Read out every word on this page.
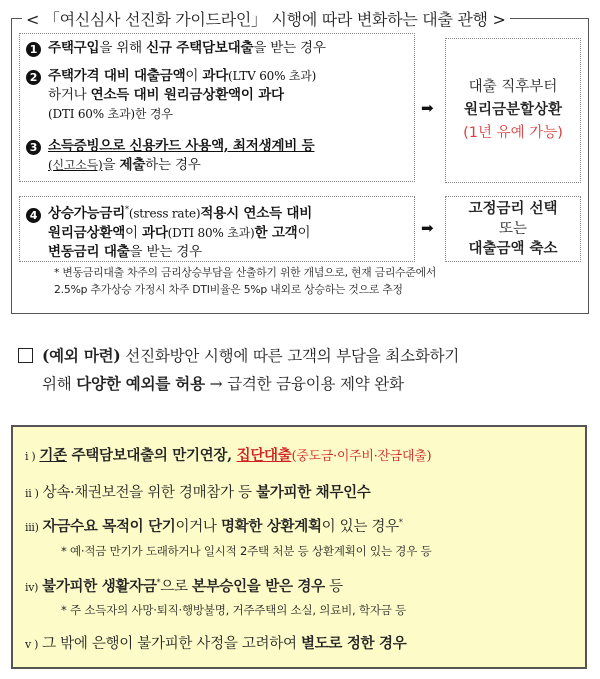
< 「여신심사 선진화 가이드라인」 시행에 따라 변화하는 대출 관행 >
1 주택구입을 위해 신규 주택담보대출을 받는 경우
2 주택가격 대비 대출금액이 과다(LTV 60% 초과)
하거나 연소득 대비 원리금상환액이 과다
(DTI 60% 초과)한 경우
3 소득증빙으로 신용카드 사용액, 최저생계비 등
(신고소득)을 제출하는 경우
➡
대출 직후부터
원리금분할상환
(1년 유예 가능)
4 상승가능금리*(stress rate)적용시 연소득 대비
원리금상환액이 과다(DTI 80% 초과)한 고객이
변동금리 대출을 받는 경우
➡
고정금리 선택
또는
대출금액 축소
* 변동금리대출 차주의 금리상승부담을 산출하기 위한 개념으로, 현재 금리수준에서
2.5%p 추가상승 가정시 차주 DTI비율은 5%p 내외로 상승하는 것으로 추정
(예외 마련) 선진화방안 시행에 따른 고객의 부담을 최소화하기
위해 다양한 예외를 허용 → 급격한 금융이용 제약 완화
i ) 기존 주택담보대출의 만기연장, 집단대출(중도금·이주비·잔금대출)
ii ) 상속·채권보전을 위한 경매참가 등 불가피한 채무인수
iii) 자금수요 목적이 단기이거나 명확한 상환계획이 있는 경우*
* 예·적금 만기가 도래하거나 일시적 2주택 처분 등 상환계획이 있는 경우 등
iv) 불가피한 생활자금*으로 본부승인을 받은 경우 등
* 주 소득자의 사망·퇴직·행방불명, 거주주택의 소실, 의료비, 학자금 등
v ) 그 밖에 은행이 불가피한 사정을 고려하여 별도로 정한 경우
